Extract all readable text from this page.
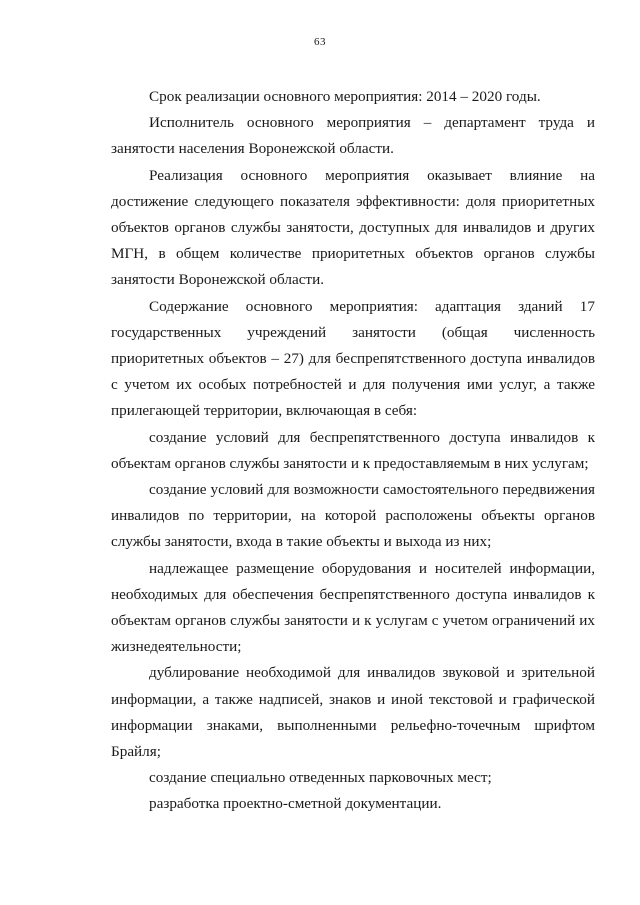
63

Срок реализации основного мероприятия: 2014 – 2020 годы.

Исполнитель основного мероприятия – департамент труда и занятости населения Воронежской области.

Реализация основного мероприятия оказывает влияние на достижение следующего показателя эффективности: доля приоритетных объектов органов службы занятости, доступных для инвалидов и других МГН, в общем количестве приоритетных объектов органов службы занятости Воронежской области.

Содержание основного мероприятия: адаптация зданий 17 государственных учреждений занятости (общая численность приоритетных объектов – 27) для беспрепятственного доступа инвалидов с учетом их особых потребностей и для получения ими услуг, а также прилегающей территории, включающая в себя:

создание условий для беспрепятственного доступа инвалидов к объектам органов службы занятости и к предоставляемым в них услугам;

создание условий для возможности самостоятельного передвижения инвалидов по территории, на которой расположены объекты органов службы занятости, входа в такие объекты и выхода из них;

надлежащее размещение оборудования и носителей информации, необходимых для обеспечения беспрепятственного доступа инвалидов к объектам органов службы занятости и к услугам с учетом ограничений их жизнедеятельности;

дублирование необходимой для инвалидов звуковой и зрительной информации, а также надписей, знаков и иной текстовой и графической информации знаками, выполненными рельефно-точечным шрифтом Брайля;

создание специально отведенных парковочных мест;

разработка проектно-сметной документации.
